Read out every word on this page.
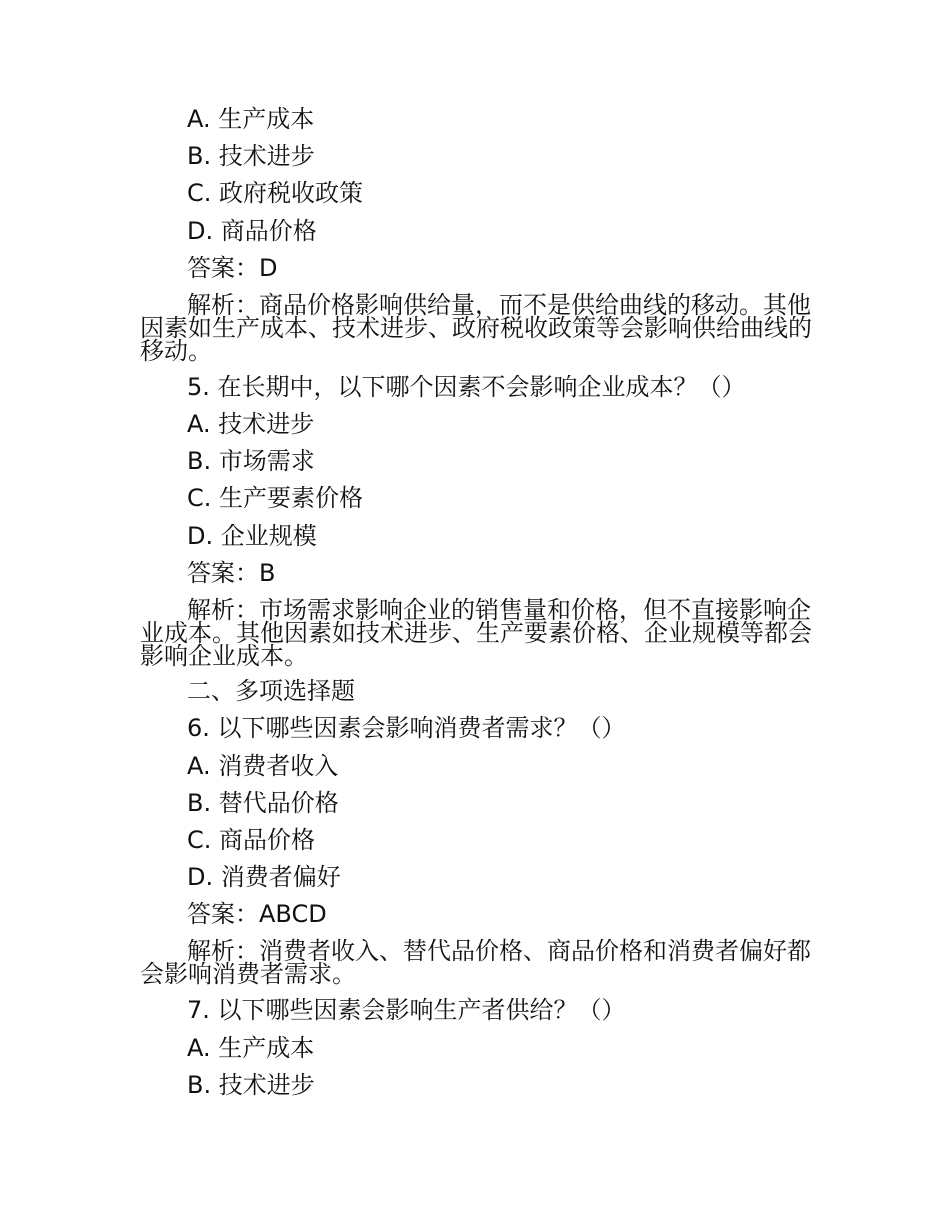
A. 生产成本
B. 技术进步
C. 政府税收政策
D. 商品价格
答案：D

解析：商品价格影响供给量，而不是供给曲线的移动。其他因素如生产成本、技术进步、政府税收政策等会影响供给曲线的移动。

5. 在长期中，以下哪个因素不会影响企业成本？（）
A. 技术进步
B. 市场需求
C. 生产要素价格
D. 企业规模
答案：B

解析：市场需求影响企业的销售量和价格，但不直接影响企业成本。其他因素如技术进步、生产要素价格、企业规模等都会影响企业成本。

二、多项选择题
6. 以下哪些因素会影响消费者需求？（）
A. 消费者收入
B. 替代品价格
C. 商品价格
D. 消费者偏好
答案：ABCD

解析：消费者收入、替代品价格、商品价格和消费者偏好都会影响消费者需求。

7. 以下哪些因素会影响生产者供给？（）
A. 生产成本
B. 技术进步
